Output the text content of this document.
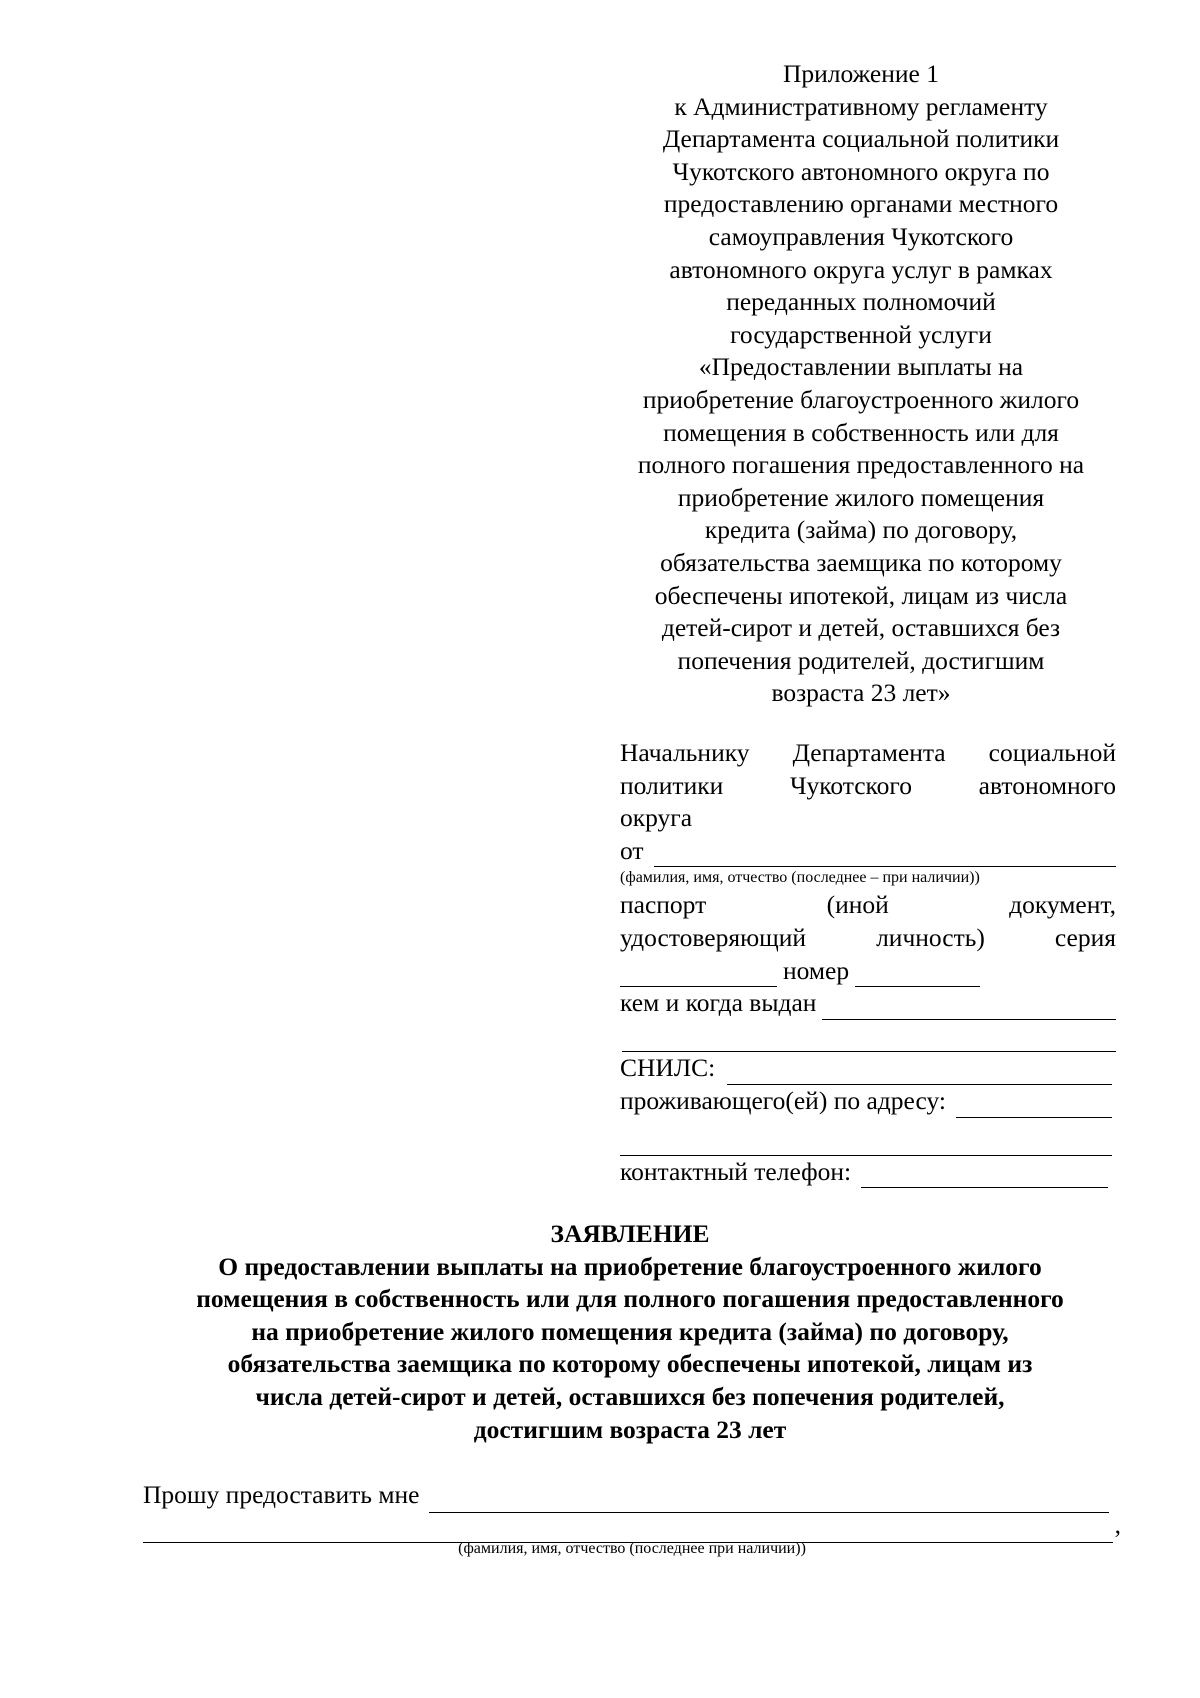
Приложение 1
к Административному регламенту
Департамента социальной политики
Чукотского автономного округа по
предоставлению органами местного
самоуправления Чукотского
автономного округа услуг в рамках
переданных полномочий
государственной услуги
«Предоставлении выплаты на
приобретение благоустроенного жилого
помещения в собственность или для
полного погашения предоставленного на
приобретение жилого помещения
кредита (займа) по договору,
обязательства заемщика по которому
обеспечены ипотекой, лицам из числа
детей-сирот и детей, оставшихся без
попечения родителей, достигшим
возраста 23 лет»
Начальнику Департамента социальной
политики	Чукотского	автономного
округа
от
(фамилия, имя, отчество (последнее – при наличии))
паспорт	(иной	документ,
удостоверяющий	личность)	серия
номер
кем и когда выдан
СНИЛС:
проживающего(ей) по адресу:
контактный телефон:
ЗАЯВЛЕНИЕ
О предоставлении выплаты на приобретение благоустроенного жилого
помещения в собственность или для полного погашения предоставленного
на приобретение жилого помещения кредита (займа) по договору,
обязательства заемщика по которому обеспечены ипотекой, лицам из
числа детей-сирот и детей, оставшихся без попечения родителей,
достигшим возраста 23 лет
Прошу предоставить мне
,
(фамилия, имя, отчество (последнее при наличии))
